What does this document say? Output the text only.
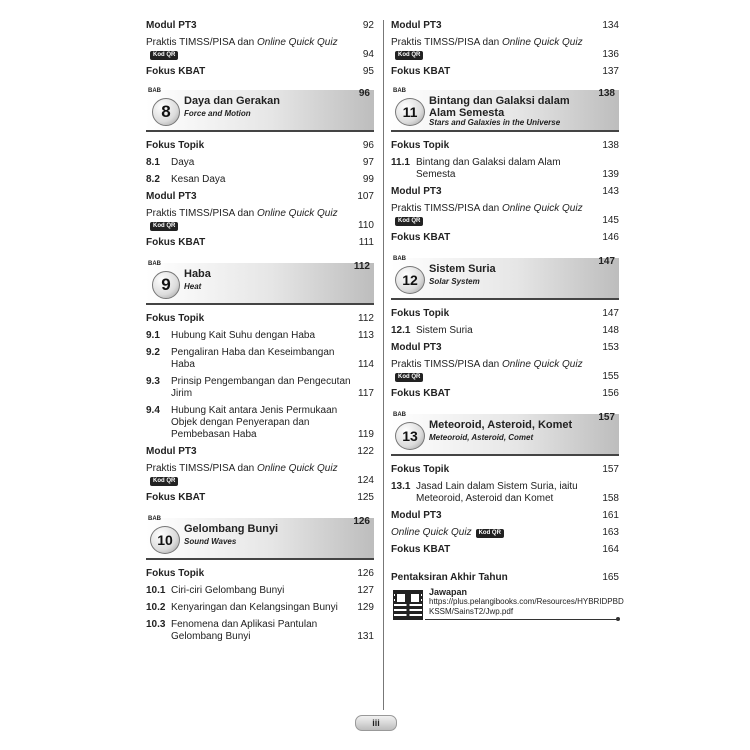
Modul PT3	92
Praktis TIMSS/PISA dan Online Quick QuizKod QR	94
Fokus KBAT	95
BAB
8
Daya dan Gerakan
Force and Motion
96
Fokus Topik	96
8.1	Daya	97
8.2	Kesan Daya	99
Modul PT3	107
Praktis TIMSS/PISA dan Online Quick QuizKod QR	110
Fokus KBAT	111
BAB
9
Haba
Heat
112
Fokus Topik	112
9.1	Hubung Kait Suhu dengan Haba	113
9.2	Pengaliran Haba dan Keseimbangan Haba	114
9.3	Prinsip Pengembangan dan Pengecutan Jirim	117
9.4	Hubung Kait antara Jenis Permukaan Objek dengan Penyerapan dan Pembebasan Haba	119
Modul PT3	122
Praktis TIMSS/PISA dan Online Quick QuizKod QR	124
Fokus KBAT	125
BAB
10
Gelombang Bunyi
Sound Waves
126
Fokus Topik	126
10.1 Ciri-ciri Gelombang Bunyi	127
10.2 Kenyaringan dan Kelangsingan Bunyi	129
10.3 Fenomena dan Aplikasi Pantulan Gelombang Bunyi	131
Modul PT3	134
Praktis TIMSS/PISA dan Online Quick QuizKod QR	136
Fokus KBAT	137
BAB
11
Bintang dan Galaksi dalam Alam Semesta
Stars and Galaxies in the Universe
138
Fokus Topik	138
11.1 Bintang dan Galaksi dalam Alam Semesta	139
Modul PT3	143
Praktis TIMSS/PISA dan Online Quick QuizKod QR	145
Fokus KBAT	146
BAB
12
Sistem Suria
Solar System
147
Fokus Topik	147
12.1 Sistem Suria	148
Modul PT3	153
Praktis TIMSS/PISA dan Online Quick QuizKod QR	155
Fokus KBAT	156
BAB
13
Meteoroid, Asteroid, Komet
Meteoroid, Asteroid, Comet
157
Fokus Topik	157
13.1 Jasad Lain dalam Sistem Suria, iaitu Meteoroid, Asteroid dan Komet	158
Modul PT3	161
Online Quick Quiz Kod QR	163
Fokus KBAT	164
Pentaksiran Akhir Tahun	165
Jawapan
https://plus.pelangibooks.com/Resources/HYBRIDPBD KSSM/SainsT2/Jwp.pdf
iii
